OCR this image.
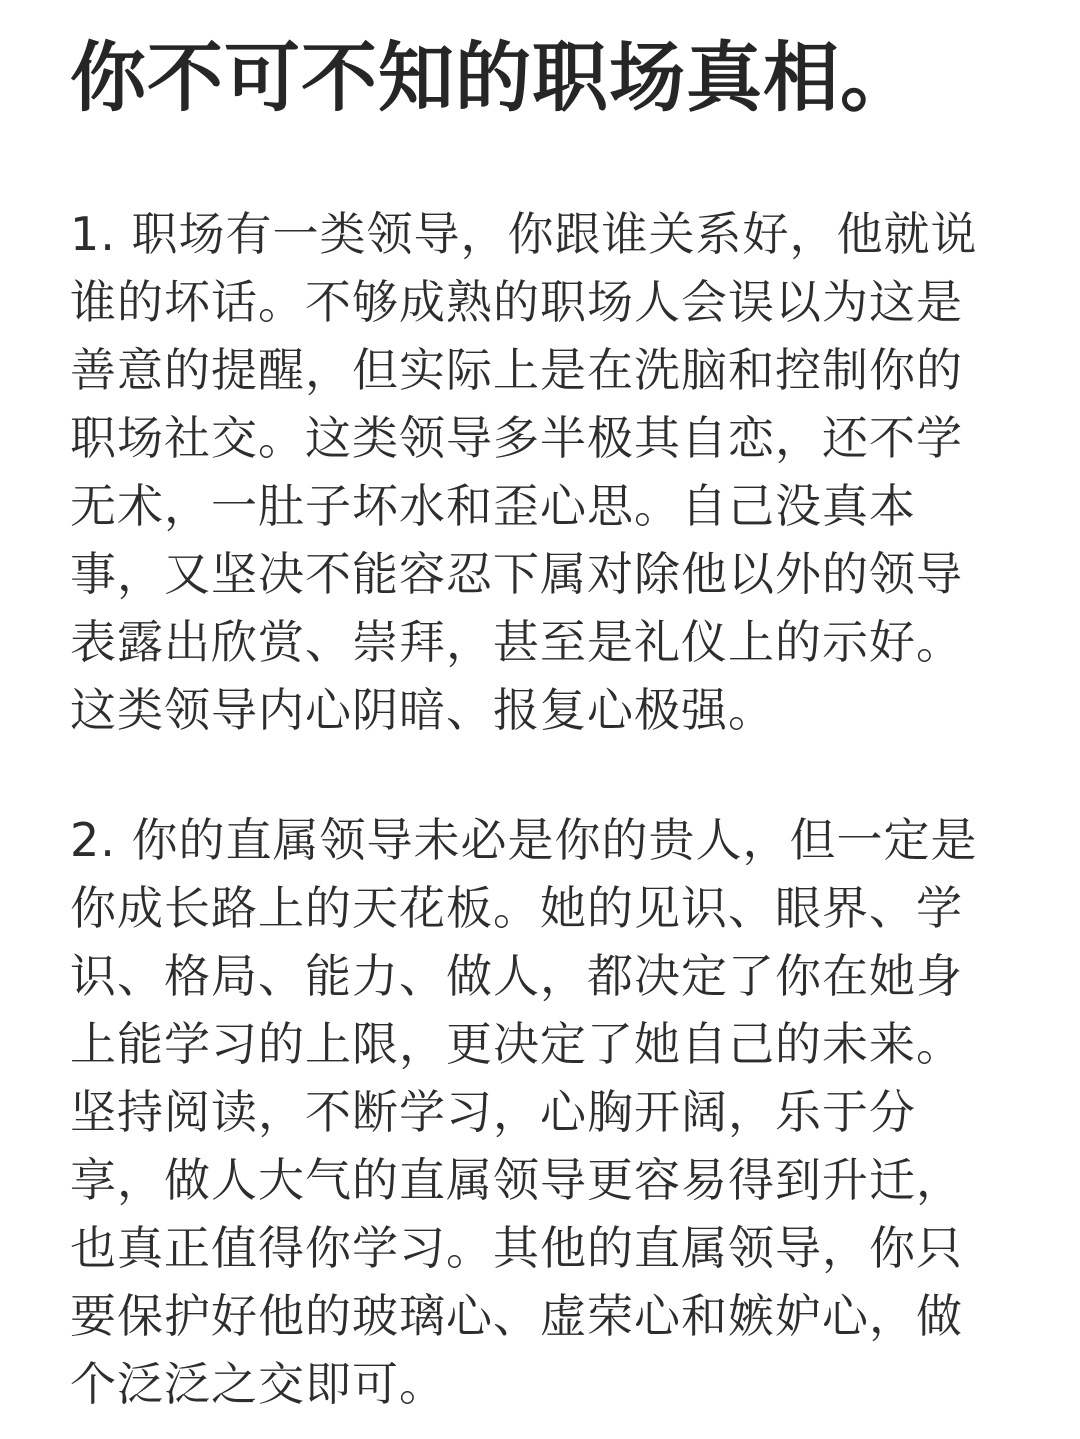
你不可不知的职场真相。
1. 职场有一类领导，你跟谁关系好，他就说
谁的坏话。不够成熟的职场人会误以为这是
善意的提醒，但实际上是在洗脑和控制你的
职场社交。这类领导多半极其自恋，还不学
无术，一肚子坏水和歪心思。自己没真本
事，又坚决不能容忍下属对除他以外的领导
表露出欣赏、崇拜，甚至是礼仪上的示好。
这类领导内心阴暗、报复心极强。
2. 你的直属领导未必是你的贵人，但一定是
你成长路上的天花板。她的见识、眼界、学
识、格局、能力、做人，都决定了你在她身
上能学习的上限，更决定了她自己的未来。
坚持阅读，不断学习，心胸开阔，乐于分
享，做人大气的直属领导更容易得到升迁，
也真正值得你学习。其他的直属领导，你只
要保护好他的玻璃心、虚荣心和嫉妒心，做
个泛泛之交即可。
